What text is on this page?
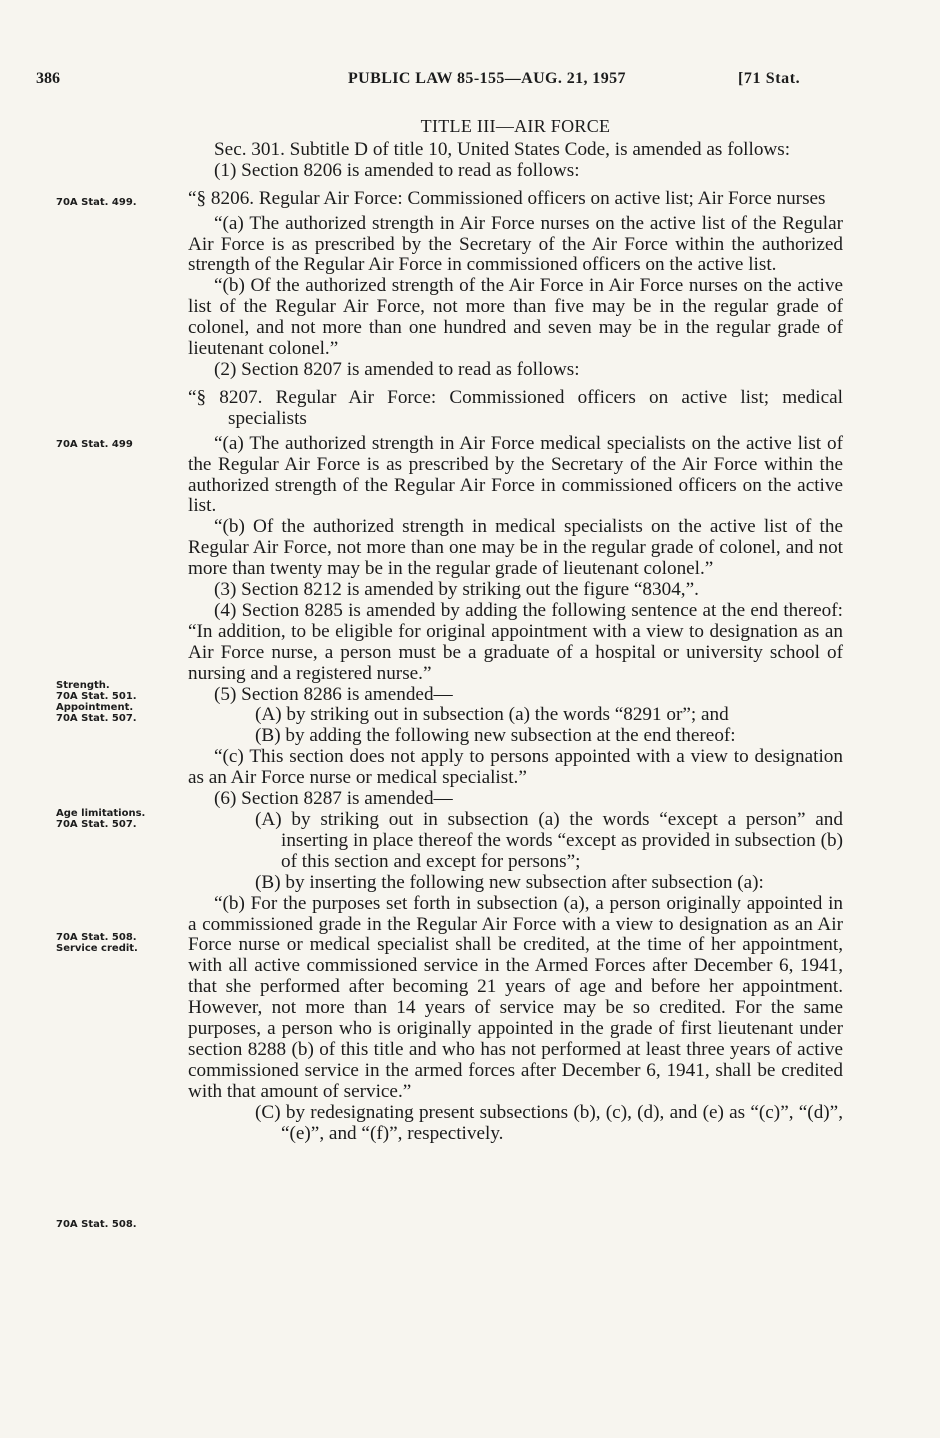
386	PUBLIC LAW 85-155—AUG. 21, 1957	[71 Stat.
70A Stat. 499.
70A Stat. 499
Strength.
70A Stat. 501.
Appointment.
70A Stat. 507.
Age limitations.
70A Stat. 507.
70A Stat. 508.
Service credit.
70A Stat. 508.

TITLE III—AIR FORCE

Sec. 301. Subtitle D of title 10, United States Code, is amended as follows:

(1) Section 8206 is amended to read as follows:

“§ 8206. Regular Air Force: Commissioned officers on active list; Air Force nurses

“(a) The authorized strength in Air Force nurses on the active list of the Regular Air Force is as prescribed by the Secretary of the Air Force within the authorized strength of the Regular Air Force in commissioned officers on the active list.

“(b) Of the authorized strength of the Air Force in Air Force nurses on the active list of the Regular Air Force, not more than five may be in the regular grade of colonel, and not more than one hundred and seven may be in the regular grade of lieutenant colonel.”

(2) Section 8207 is amended to read as follows:

“§ 8207. Regular Air Force: Commissioned officers on active list; medical specialists

“(a) The authorized strength in Air Force medical specialists on the active list of the Regular Air Force is as prescribed by the Secretary of the Air Force within the authorized strength of the Regular Air Force in commissioned officers on the active list.

“(b) Of the authorized strength in medical specialists on the active list of the Regular Air Force, not more than one may be in the regular grade of colonel, and not more than twenty may be in the regular grade of lieutenant colonel.”

(3) Section 8212 is amended by striking out the figure “8304,”.

(4) Section 8285 is amended by adding the following sentence at the end thereof: “In addition, to be eligible for original appointment with a view to designation as an Air Force nurse, a person must be a graduate of a hospital or university school of nursing and a registered nurse.”

(5) Section 8286 is amended—

(A) by striking out in subsection (a) the words “8291 or”; and

(B) by adding the following new subsection at the end thereof:

“(c) This section does not apply to persons appointed with a view to designation as an Air Force nurse or medical specialist.”

(6) Section 8287 is amended—

(A) by striking out in subsection (a) the words “except a person” and inserting in place thereof the words “except as provided in subsection (b) of this section and except for persons”;

(B) by inserting the following new subsection after subsection (a):

“(b) For the purposes set forth in subsection (a), a person originally appointed in a commissioned grade in the Regular Air Force with a view to designation as an Air Force nurse or medical specialist shall be credited, at the time of her appointment, with all active commissioned service in the Armed Forces after December 6, 1941, that she performed after becoming 21 years of age and before her appointment. However, not more than 14 years of service may be so credited. For the same purposes, a person who is originally appointed in the grade of first lieutenant under section 8288 (b) of this title and who has not performed at least three years of active commissioned service in the armed forces after December 6, 1941, shall be credited with that amount of service.”

(C) by redesignating present subsections (b), (c), (d), and (e) as “(c)”, “(d)”, “(e)”, and “(f)”, respectively.
